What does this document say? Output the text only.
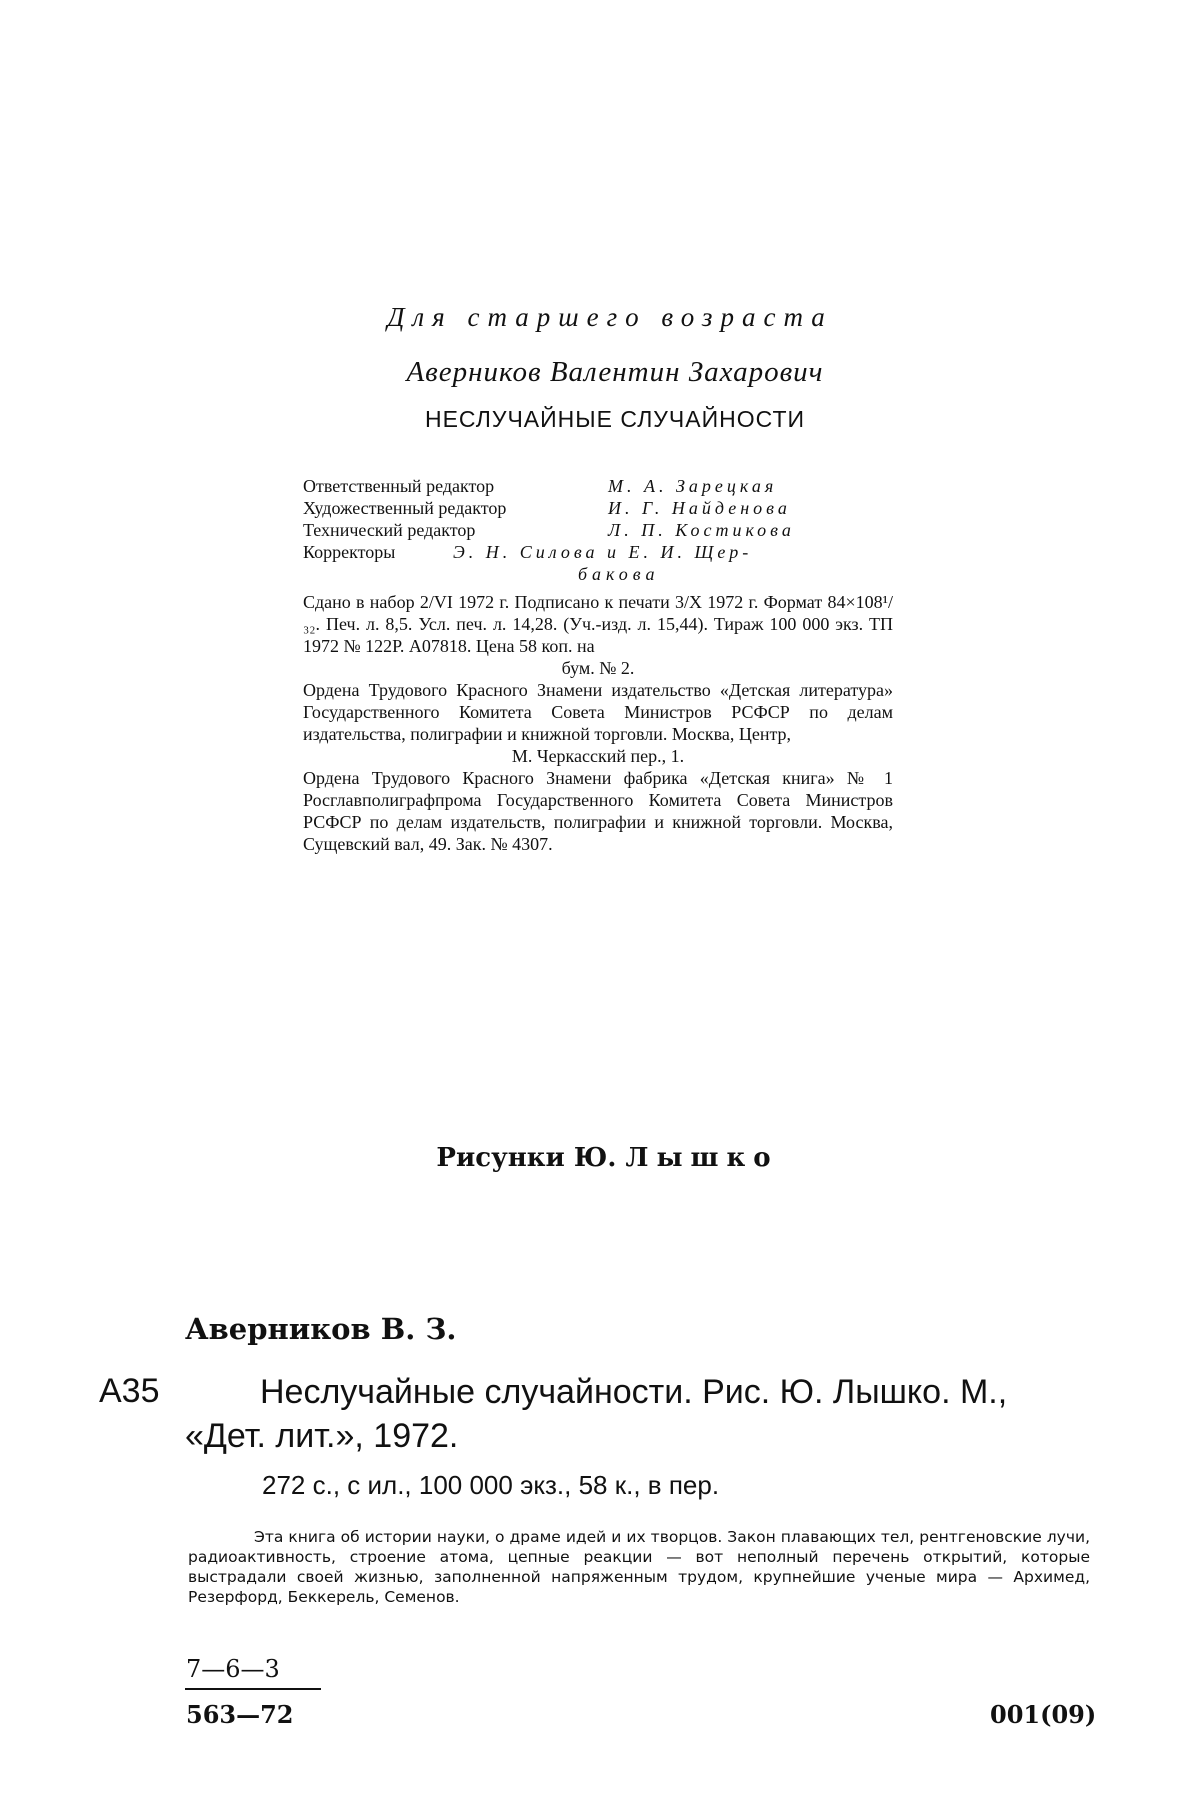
Для старшего возраста
Аверников Валентин Захарович
НЕСЛУЧАЙНЫЕ СЛУЧАЙНОСТИ
Ответственный редактор	М. А. Зарецкая
Художественный редактор	И. Г. Найденова
Технический редактор	Л. П. Костикова
Корректоры	Э. Н. Силова и Е. И. Щер-
бакова

Сдано в набор 2/VI 1972 г. Подписано к печати 3/X 1972 г. Формат 84×108¹/₃₂. Печ. л. 8,5. Усл. печ. л. 14,28. (Уч.-изд. л. 15,44). Тираж 100 000 экз. ТП 1972 № 122Р. А07818. Цена 58 коп. на

бум. № 2.

Ордена Трудового Красного Знамени издательство «Детская литература» Государственного Комитета Совета Министров РСФСР по делам издательства, полиграфии и книжной торговли. Москва, Центр,

М. Черкасский пер., 1.

Ордена Трудового Красного Знамени фабрика «Детская книга» № 1 Росглавполиграфпрома Государственного Комитета Совета Министров РСФСР по делам издательств, полиграфии и книжной торговли. Москва, Сущевский вал, 49. Зак. № 4307.

Рисунки Ю. Лышко
Аверников В. З.
А35	Неслучайные случайности. Рис. Ю. Лышко. М.,
«Дет. лит.», 1972.
272 с., с ил., 100 000 экз., 58 к., в пер.
Эта книга об истории науки, о драме идей и их творцов. Закон плавающих тел, рентгеновские лучи, радиоактивность, строение атома, цепные реакции — вот неполный перечень открытий, которые выстрадали своей жизнью, заполненной напряженным трудом, крупнейшие ученые мира — Архимед, Резерфорд, Беккерель, Семенов.
7—6—3
563—72	001(09)
